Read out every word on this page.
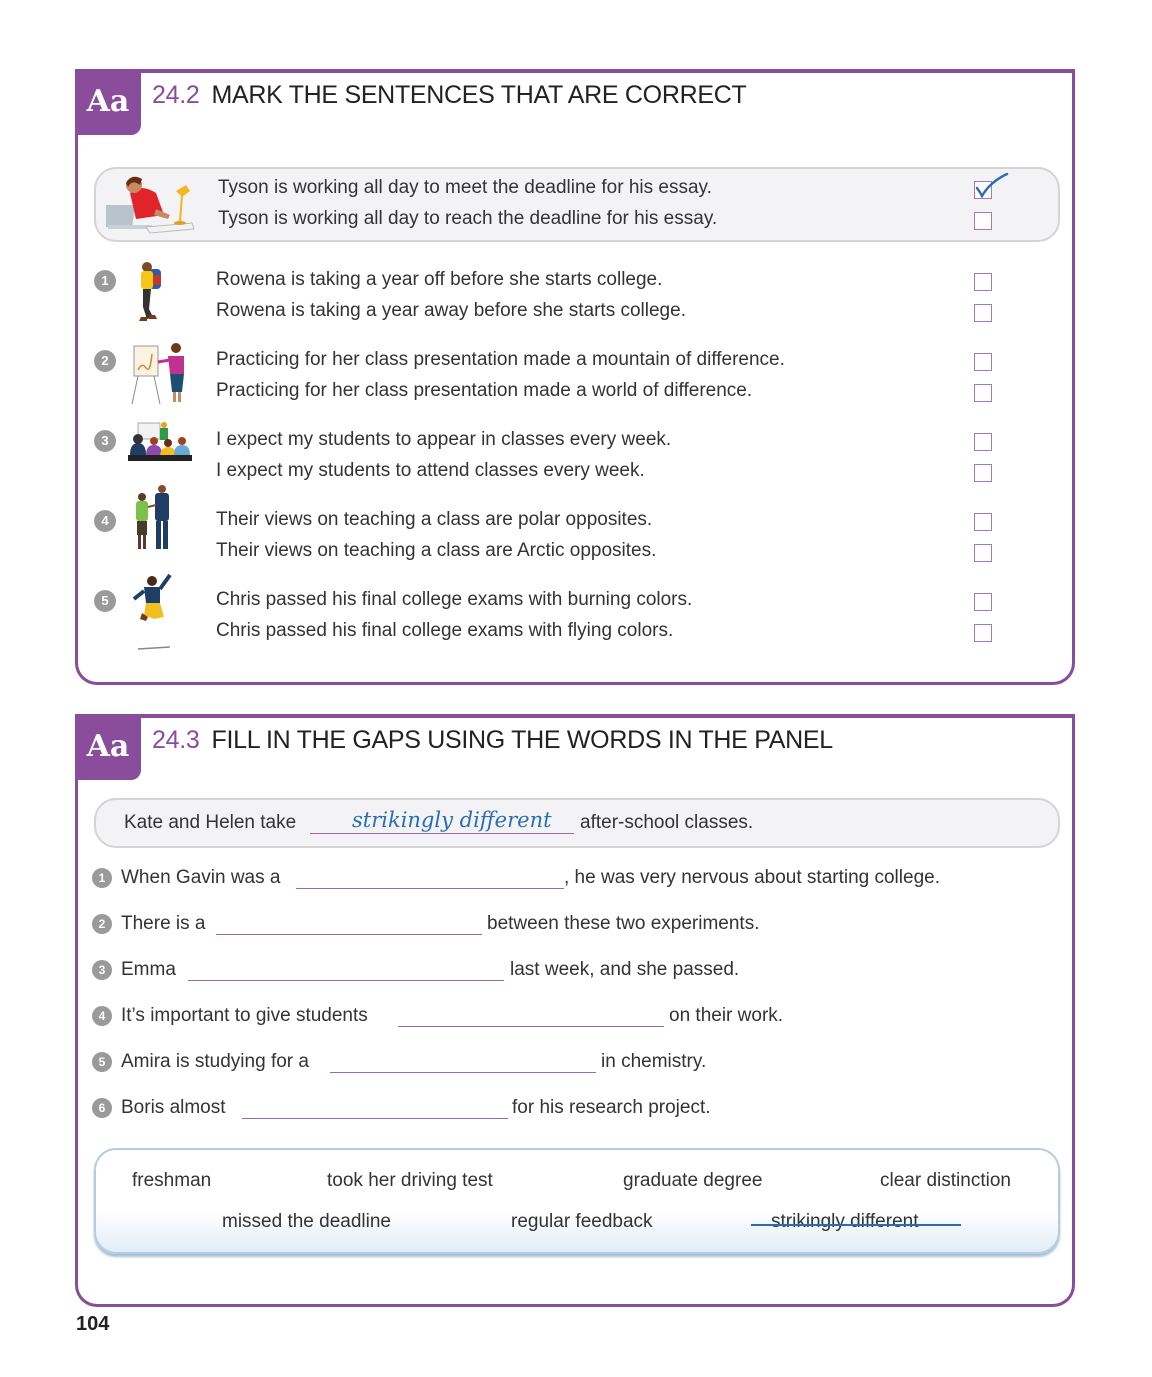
Aa 24.2 MARK THE SENTENCES THAT ARE CORRECT
Tyson is working all day to meet the deadline for his essay.
Tyson is working all day to reach the deadline for his essay.
1	Rowena is taking a year off before she starts college.
Rowena is taking a year away before she starts college.
2	Practicing for her class presentation made a mountain of difference.
Practicing for her class presentation made a world of difference.
3	I expect my students to appear in classes every week.
I expect my students to attend classes every week.
4	Their views on teaching a class are polar opposites.
Their views on teaching a class are Arctic opposites.
5	Chris passed his final college exams with burning colors.
Chris passed his final college exams with flying colors.
Aa 24.3 FILL IN THE GAPS USING THE WORDS IN THE PANEL
Kate and Helen take	strikingly different after-school classes.
1 When Gavin was a	, he was very nervous about starting college.
2 There is a	between these two experiments.
3 Emma	last week, and she passed.
4 It’s important to give students	on their work.
5 Amira is studying for a	in chemistry.
6 Boris almost	for his research project.
freshman	took her driving test	graduate degree	clear distinction
missed the deadline	regular feedback	strikingly different
104
